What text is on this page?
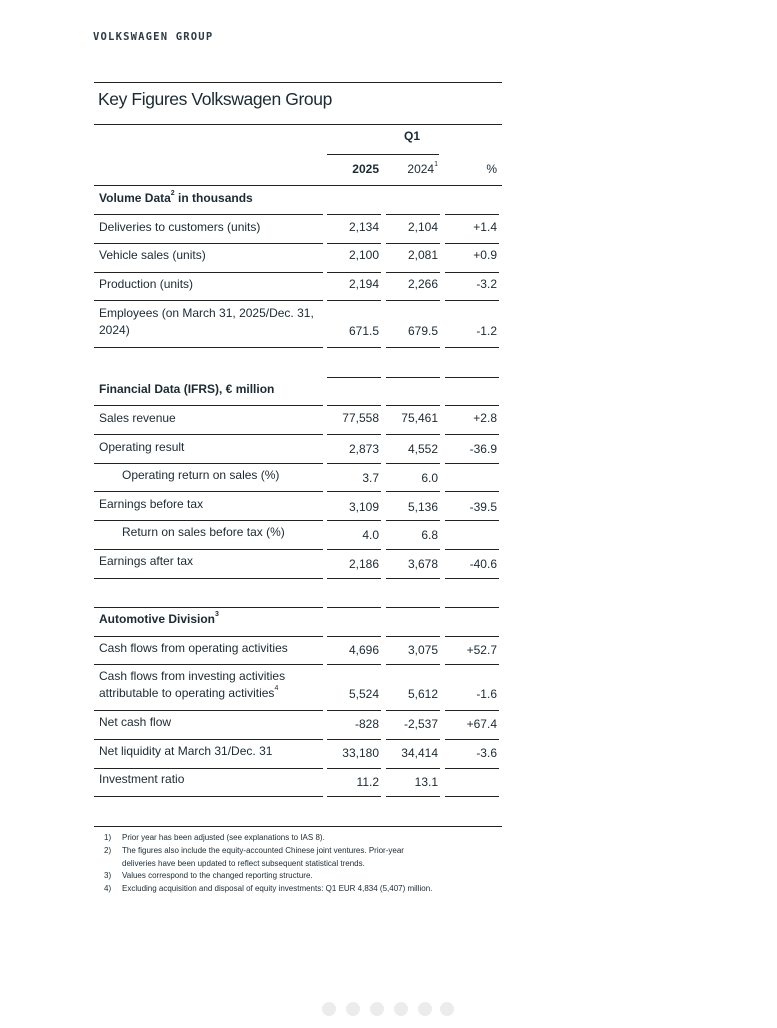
VOLKSWAGEN GROUP
Key Figures Volkswagen Group
Q1
2025	2024$^1$	%
Volume Data$^2$ in thousands
Deliveries to customers (units)	2,134	2,104	+1.4
Vehicle sales (units)	2,100	2,081	+0.9
Production (units)	2,194	2,266	-3.2
Employees (on March 31, 2025/Dec. 31,
2024)	671.5	679.5	-1.2
Financial Data (IFRS), € million
Sales revenue	77,558	75,461	+2.8
Operating result	2,873	4,552	-36.9
Operating return on sales (%)	3.7	6.0
Earnings before tax	3,109	5,136	-39.5
Return on sales before tax (%)	4.0	6.8
Earnings after tax	2,186	3,678	-40.6
Automotive Division$^3$
Cash flows from operating activities	4,696	3,075	+52.7
Cash flows from investing activities
attributable to operating activities$^4$	5,524	5,612	-1.6
Net cash flow	-828	-2,537	+67.4
Net liquidity at March 31/Dec. 31	33,180	34,414	-3.6
Investment ratio	11.2	13.1
1)	Prior year has been adjusted (see explanations to IAS 8).
2)	The figures also include the equity-accounted Chinese joint ventures. Prior-year
deliveries have been updated to reflect subsequent statistical trends.
3)	Values correspond to the changed reporting structure.
4)	Excluding acquisition and disposal of equity investments: Q1 EUR 4,834 (5,407) million.
